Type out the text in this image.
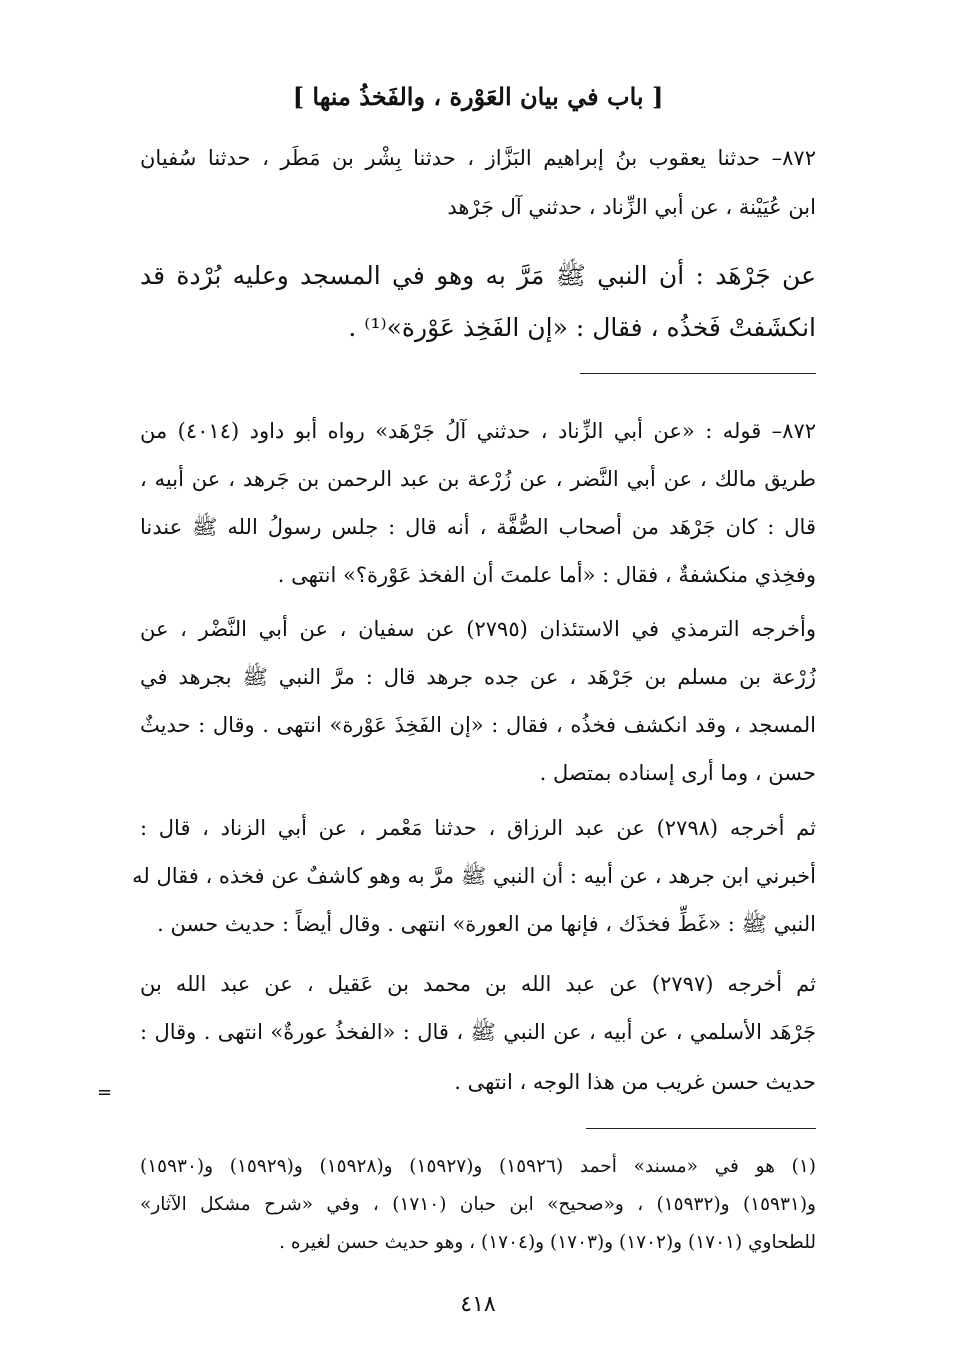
[ باب في بيان العَوْرة ، والفَخذُ منها ]
٨٧٢– حدثنا يعقوب بنُ إبراهيم البَزَّاز ، حدثنا بِشْر بن مَطَر ، حدثنا سُفيان
ابن عُيَيْنة ، عن أبي الزِّناد ، حدثني آل جَرْهد
عن جَرْهَد : أن النبي ﷺ مَرَّ به وهو في المسجد وعليه بُرْدة قد
انكشَفتْ فَخذُه ، فقال : «إن الفَخِذ عَوْرة»⁽¹⁾ .
٨٧٢– قوله : «عن أبي الزِّناد ، حدثني آلُ جَرْهَد» رواه أبو داود (٤٠١٤) من
طريق مالك ، عن أبي النَّضر ، عن زُرْعة بن عبد الرحمن بن جَرهد ، عن أبيه ،
قال : كان جَرْهَد من أصحاب الصُّفَّة ، أنه قال : جلس رسولُ الله ﷺ عندنا
وفخِذي منكشفةٌ ، فقال : «أما علمتَ أن الفخذ عَوْرة؟» انتهى .
وأخرجه الترمذي في الاستئذان (٢٧٩٥) عن سفيان ، عن أبي النَّضْر ، عن
زُرْعة بن مسلم بن جَرْهَد ، عن جده جرهد قال : مرَّ النبي ﷺ بجرهد في
المسجد ، وقد انكشف فخذُه ، فقال : «إن الفَخِذَ عَوْرة» انتهى . وقال : حديثٌ
حسن ، وما أرى إسناده بمتصل .
ثم أخرجه (٢٧٩٨) عن عبد الرزاق ، حدثنا مَعْمر ، عن أبي الزناد ، قال :
أخبرني ابن جرهد ، عن أبيه : أن النبي ﷺ مرَّ به وهو كاشفٌ عن فخذه ، فقال له
النبي ﷺ : «غَطِّ فخذَك ، فإنها من العورة» انتهى . وقال أيضاً : حديث حسن .
ثم أخرجه (٢٧٩٧) عن عبد الله بن محمد بن عَقيل ، عن عبد الله بن
جَرْهَد الأسلمي ، عن أبيه ، عن النبي ﷺ ، قال : «الفخذُ عورةٌ» انتهى . وقال :
حديث حسن غريب من هذا الوجه ، انتهى .
=
(١) هو في «مسند» أحمد (١٥٩٢٦) و(١٥٩٢٧) و(١٥٩٢٨) و(١٥٩٢٩) و(١٥٩٣٠)
و(١٥٩٣١) و(١٥٩٣٢) ، و«صحيح» ابن حبان (١٧١٠) ، وفي «شرح مشكل الآثار»
للطحاوي (١٧٠١) و(١٧٠٢) و(١٧٠٣) و(١٧٠٤) ، وهو حديث حسن لغيره .
٤١٨
